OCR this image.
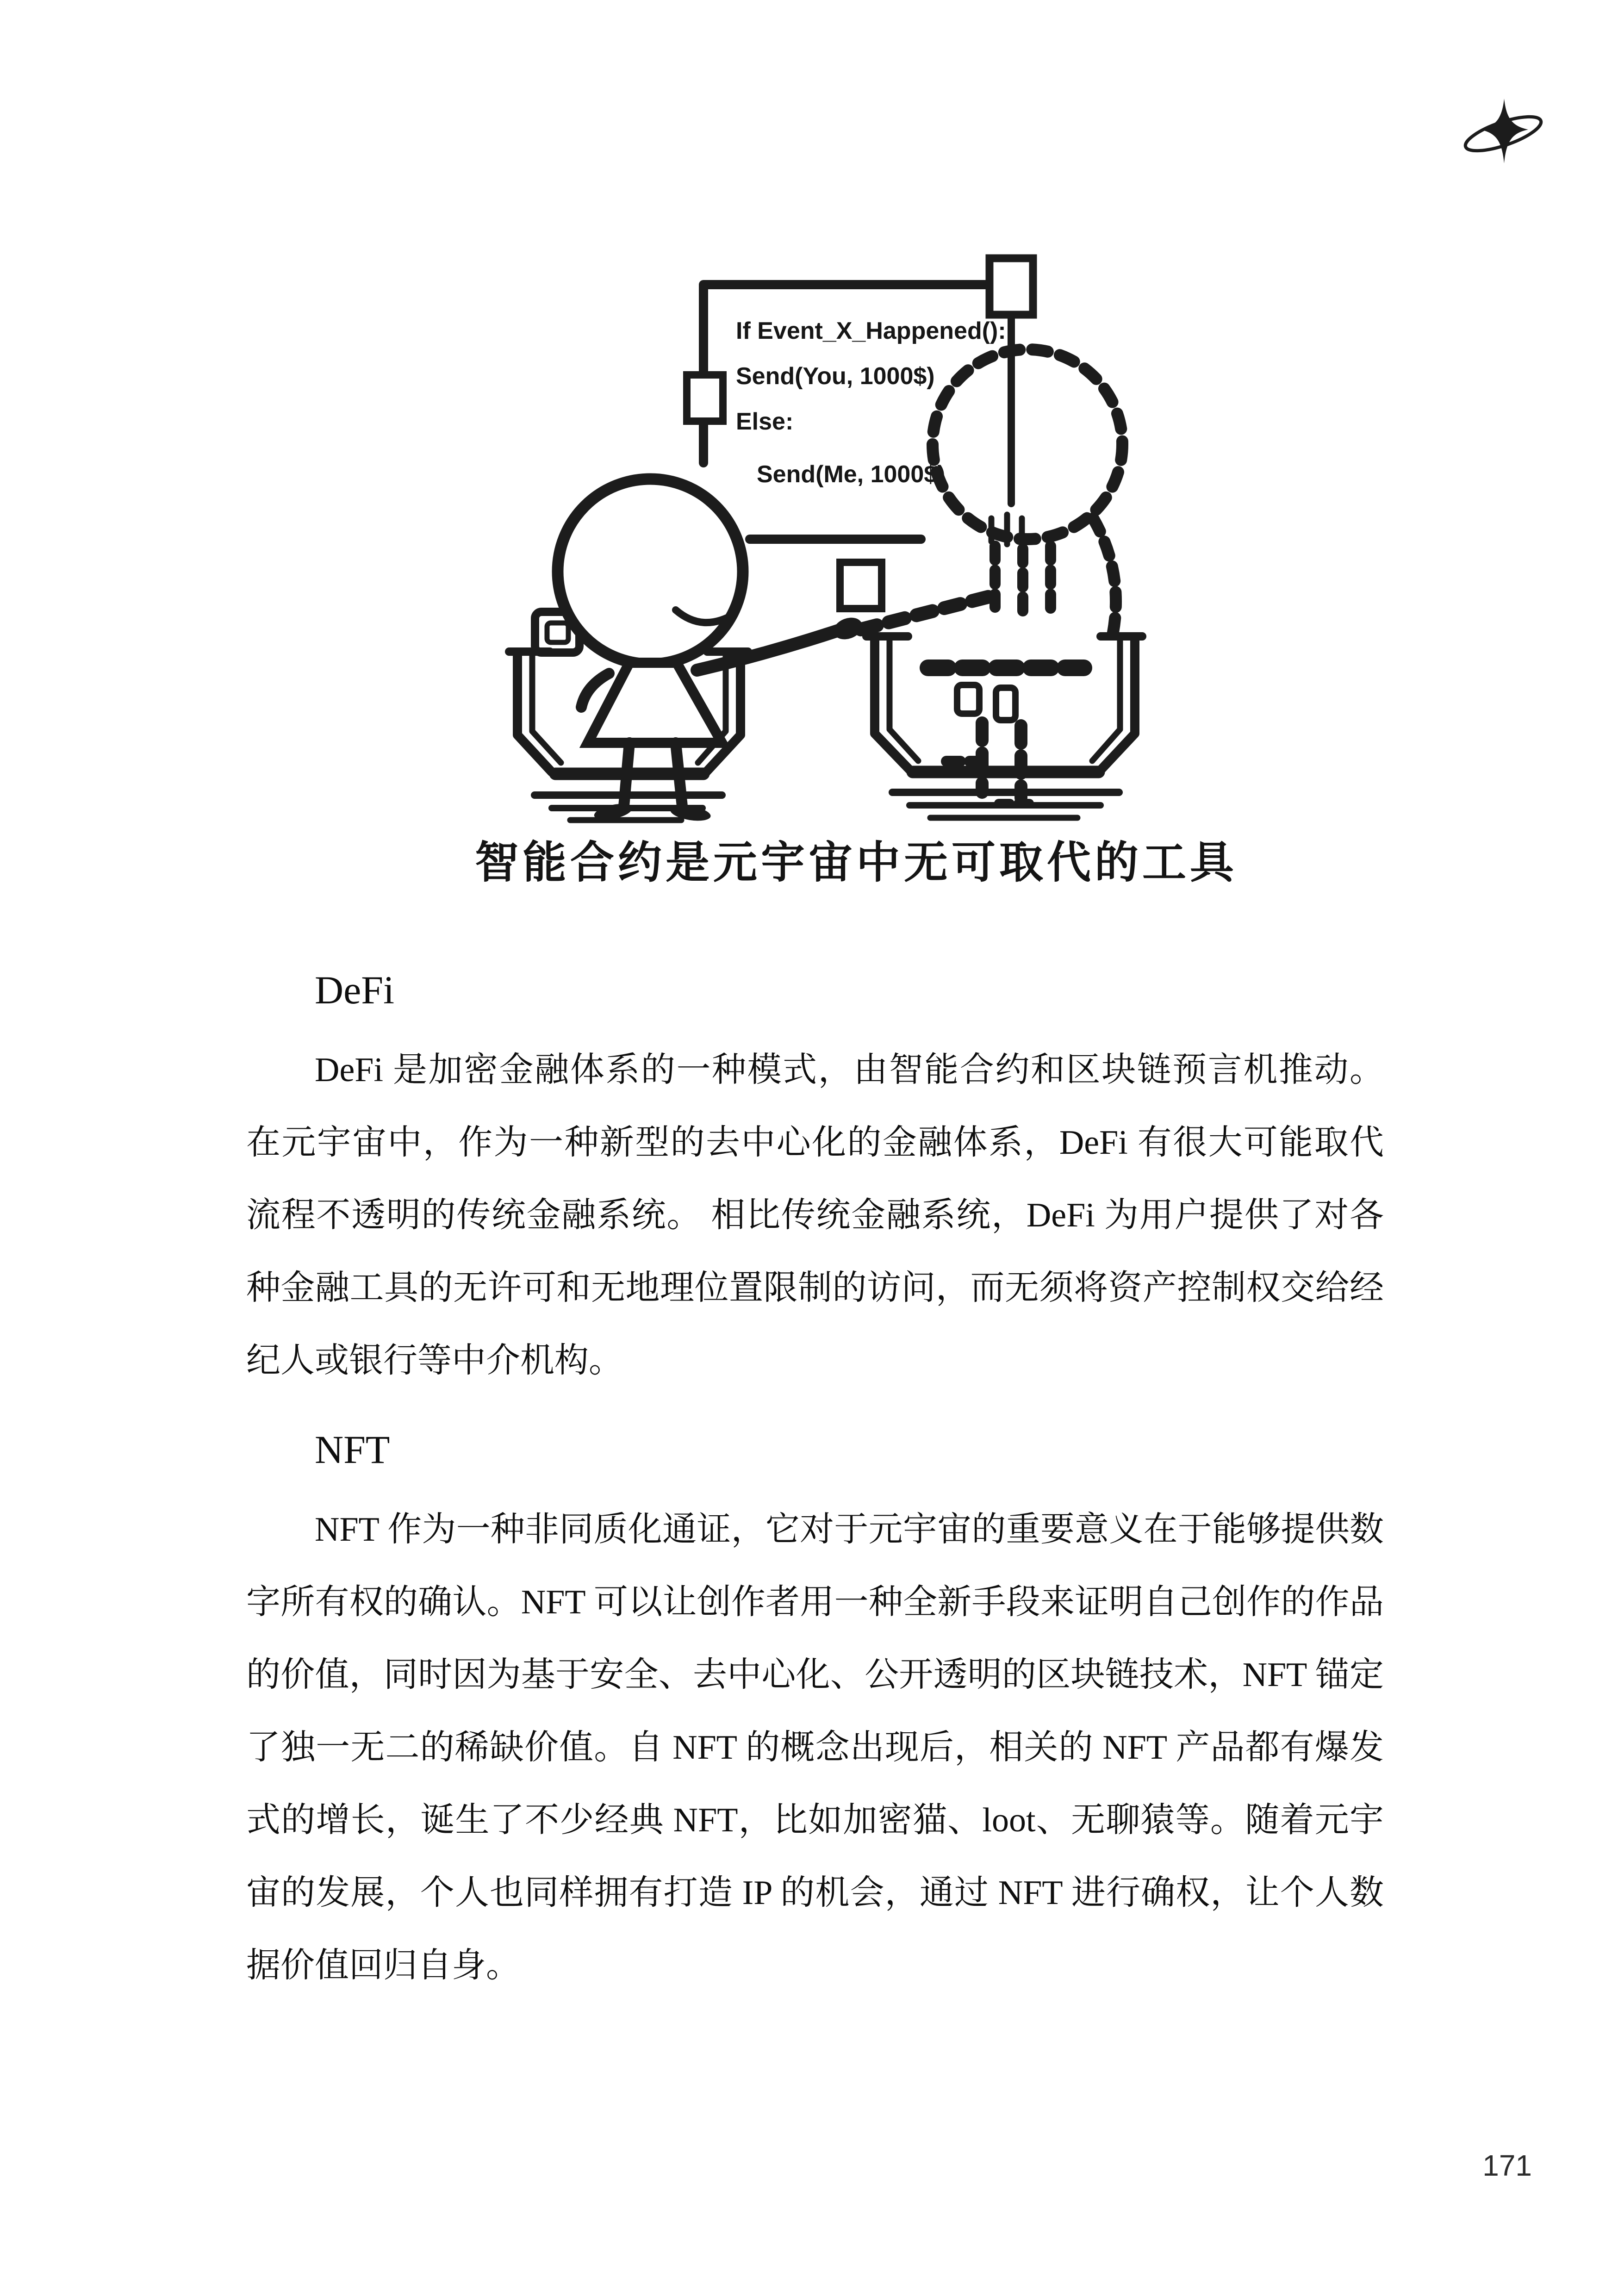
If Event_X_Happened():
Send(You, 1000$)
Else:
Send(Me, 1000$)
智能合约是元宇宙中无可取代的工具
DeFi

DeFi 是加密金融体系的一种模式，由智能合约和区块链预言机推动。在元宇宙中，作为一种新型的去中心化的金融体系，DeFi 有很大可能取代流程不透明的传统金融系统。 相比传统金融系统，DeFi 为用户提供了对各种金融工具的无许可和无地理位置限制的访问，而无须将资产控制权交给经纪人或银行等中介机构。

NFT

NFT 作为一种非同质化通证，它对于元宇宙的重要意义在于能够提供数字所有权的确认。NFT 可以让创作者用一种全新手段来证明自己创作的作品的价值，同时因为基于安全、去中心化、公开透明的区块链技术，NFT 锚定了独一无二的稀缺价值。自 NFT 的概念出现后，相关的 NFT 产品都有爆发式的增长，诞生了不少经典 NFT，比如加密猫、loot、无聊猿等。随着元宇宙的发展，个人也同样拥有打造 IP 的机会，通过 NFT 进行确权，让个人数据价值回归自身。

171
